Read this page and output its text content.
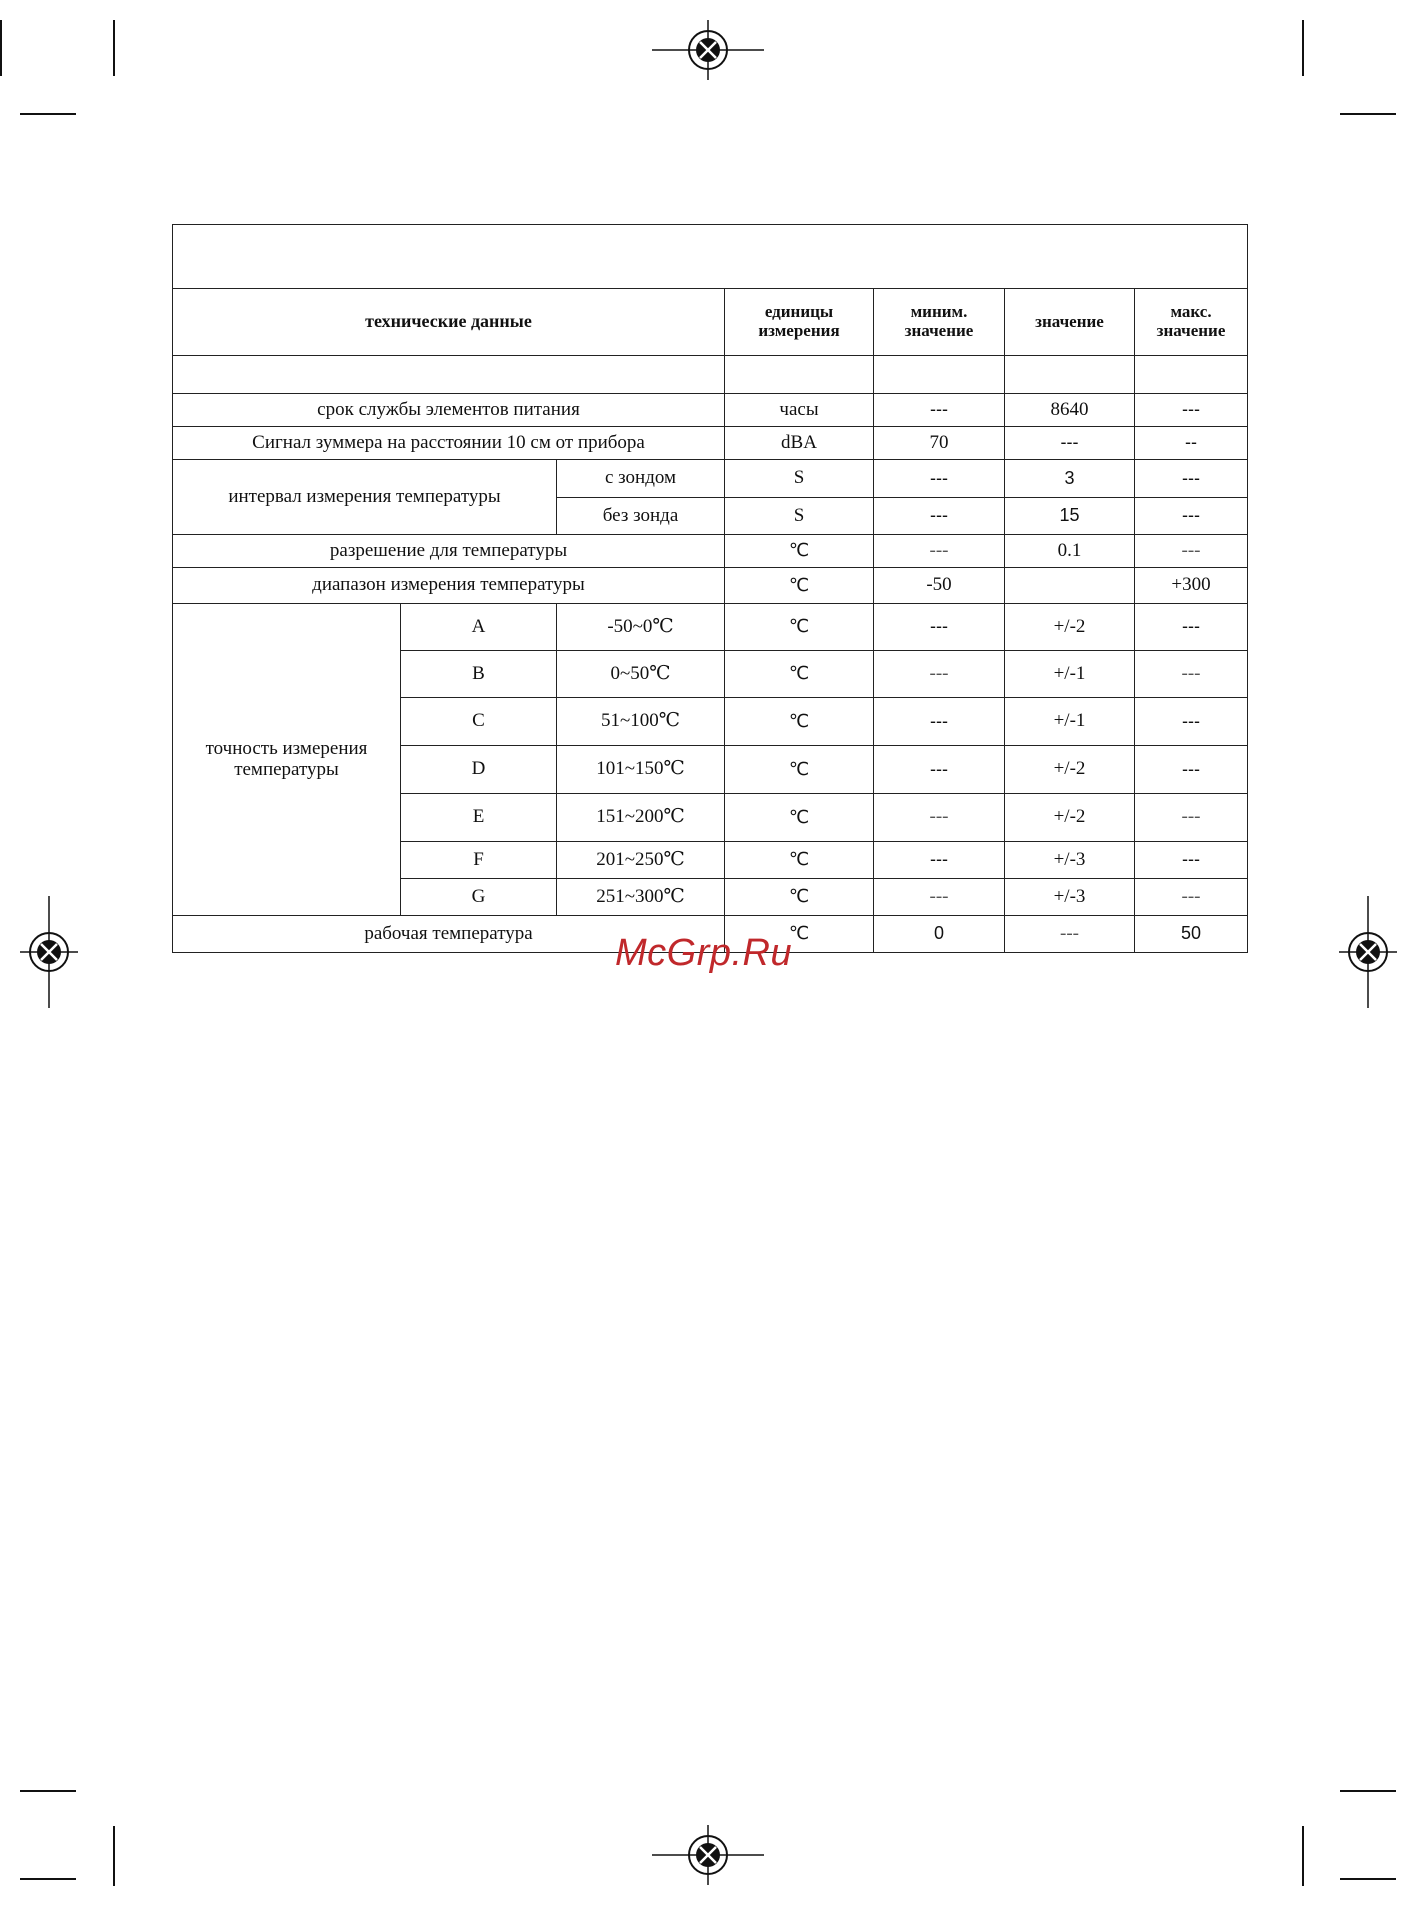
технические данные			единицы измерения	миним. значение	значение	макс. значение

срок службы элементов питания			часы	---	8640	---
Сигнал зуммера на расстоянии 10 см от прибора			dBA	70	---	--
интервал измерения температуры		с зондом	S	---	3	---
		без зонда	S	---	15	---
разрешение для температуры			℃	---	0.1	---
диапазон измерения температуры			℃	-50		+300
точность измерения температуры	A	-50~0℃	℃	---	+/-2	---
	B	0~50℃	℃	---	+/-1	---
	C	51~100℃	℃	---	+/-1	---
	D	101~150℃	℃	---	+/-2	---
	E	151~200℃	℃	---	+/-2	---
	F	201~250℃	℃	---	+/-3	---
	G	251~300℃	℃	---	+/-3	---
рабочая температура			℃	0	---	50
McGrp.Ru
